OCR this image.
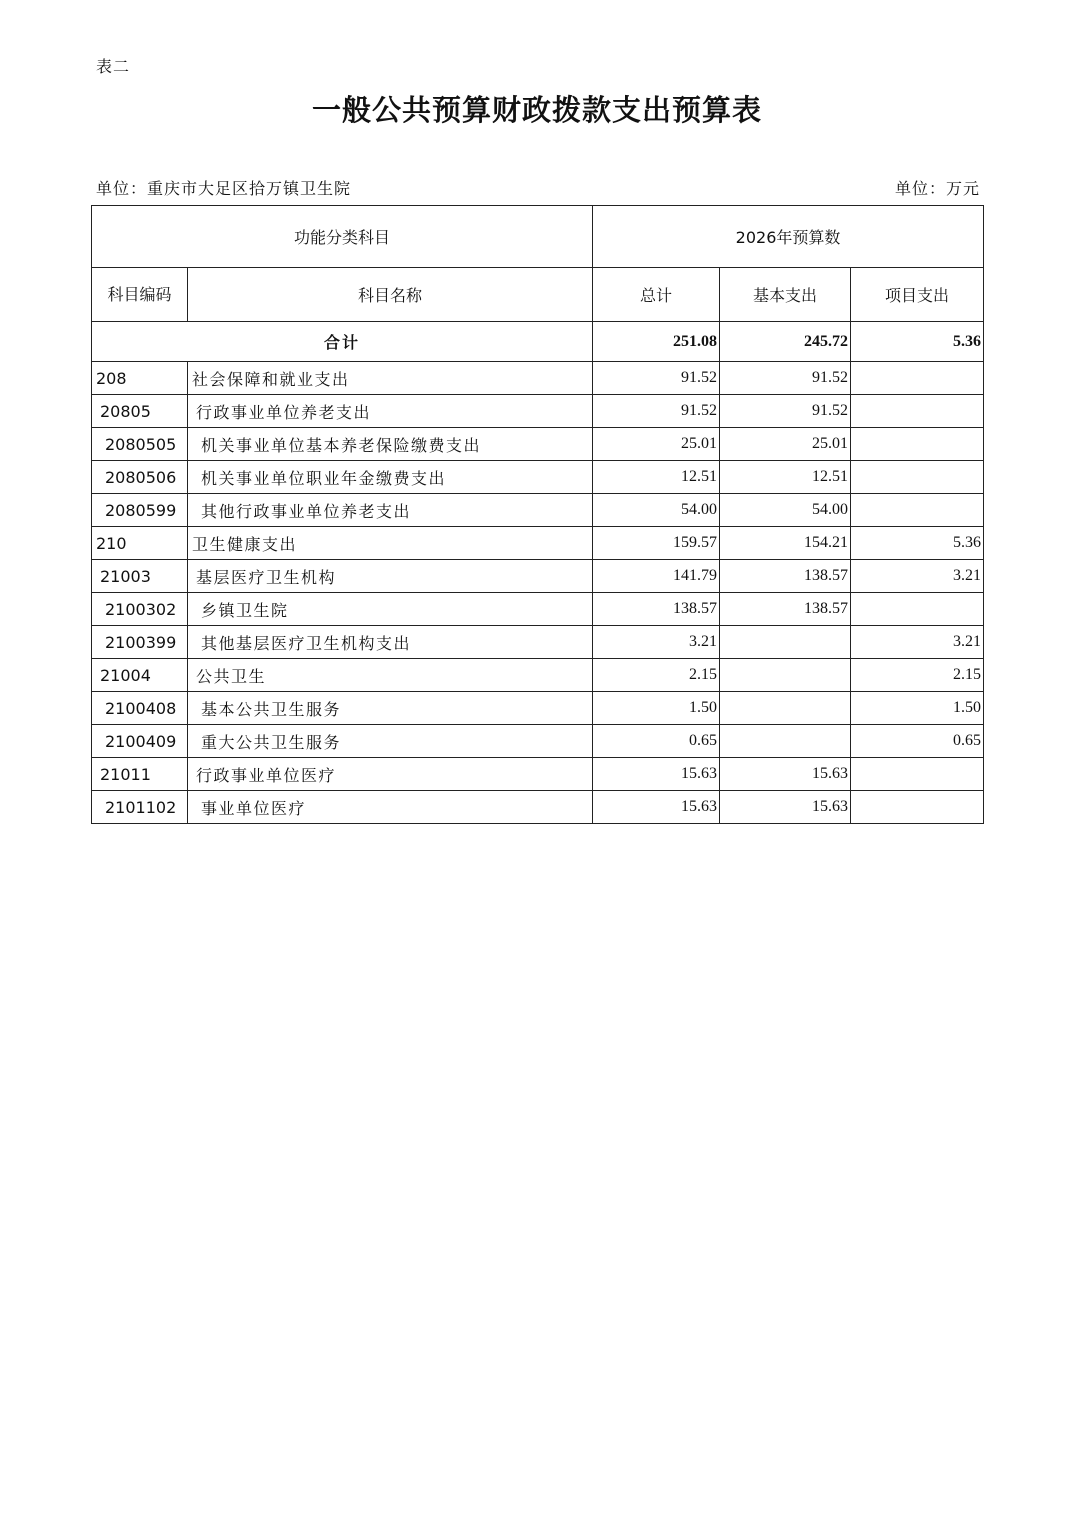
表二
一般公共预算财政拨款支出预算表
单位：重庆市大足区拾万镇卫生院	单位：万元
功能分类科目		2026年预算数		
科目编码	科目名称	总计	基本支出	项目支出
合计		251.08	245.72	5.36
208	社会保障和就业支出	91.52	91.52	
20805	行政事业单位养老支出	91.52	91.52	
2080505	机关事业单位基本养老保险缴费支出	25.01	25.01	
2080506	机关事业单位职业年金缴费支出	12.51	12.51	
2080599	其他行政事业单位养老支出	54.00	54.00	
210	卫生健康支出	159.57	154.21	5.36
21003	基层医疗卫生机构	141.79	138.57	3.21
2100302	乡镇卫生院	138.57	138.57	
2100399	其他基层医疗卫生机构支出	3.21		3.21
21004	公共卫生	2.15		2.15
2100408	基本公共卫生服务	1.50		1.50
2100409	重大公共卫生服务	0.65		0.65
21011	行政事业单位医疗	15.63	15.63	
2101102	事业单位医疗	15.63	15.63	
